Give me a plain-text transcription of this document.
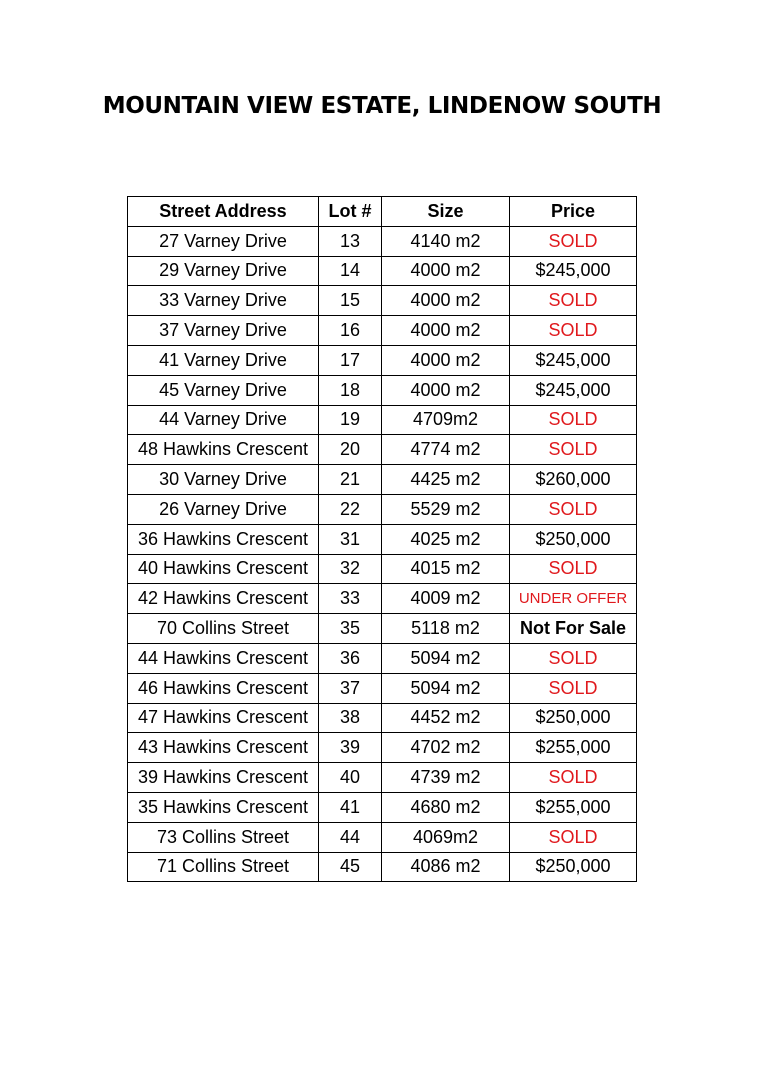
MOUNTAIN VIEW ESTATE, LINDENOW SOUTH
Street Address	Lot #	Size	Price
27 Varney Drive	13	4140 m2	SOLD
29 Varney Drive	14	4000 m2	$245,000
33 Varney Drive	15	4000 m2	SOLD
37 Varney Drive	16	4000 m2	SOLD
41 Varney Drive	17	4000 m2	$245,000
45 Varney Drive	18	4000 m2	$245,000
44 Varney Drive	19	4709m2	SOLD
48 Hawkins Crescent	20	4774 m2	SOLD
30 Varney Drive	21	4425 m2	$260,000
26 Varney Drive	22	5529 m2	SOLD
36 Hawkins Crescent	31	4025 m2	$250,000
40 Hawkins Crescent	32	4015 m2	SOLD
42 Hawkins Crescent	33	4009 m2	UNDER OFFER
70 Collins Street	35	5118 m2	Not For Sale
44 Hawkins Crescent	36	5094 m2	SOLD
46 Hawkins Crescent	37	5094 m2	SOLD
47 Hawkins Crescent	38	4452 m2	$250,000
43 Hawkins Crescent	39	4702 m2	$255,000
39 Hawkins Crescent	40	4739 m2	SOLD
35 Hawkins Crescent	41	4680 m2	$255,000
73 Collins Street	44	4069m2	SOLD
71 Collins Street	45	4086 m2	$250,000
